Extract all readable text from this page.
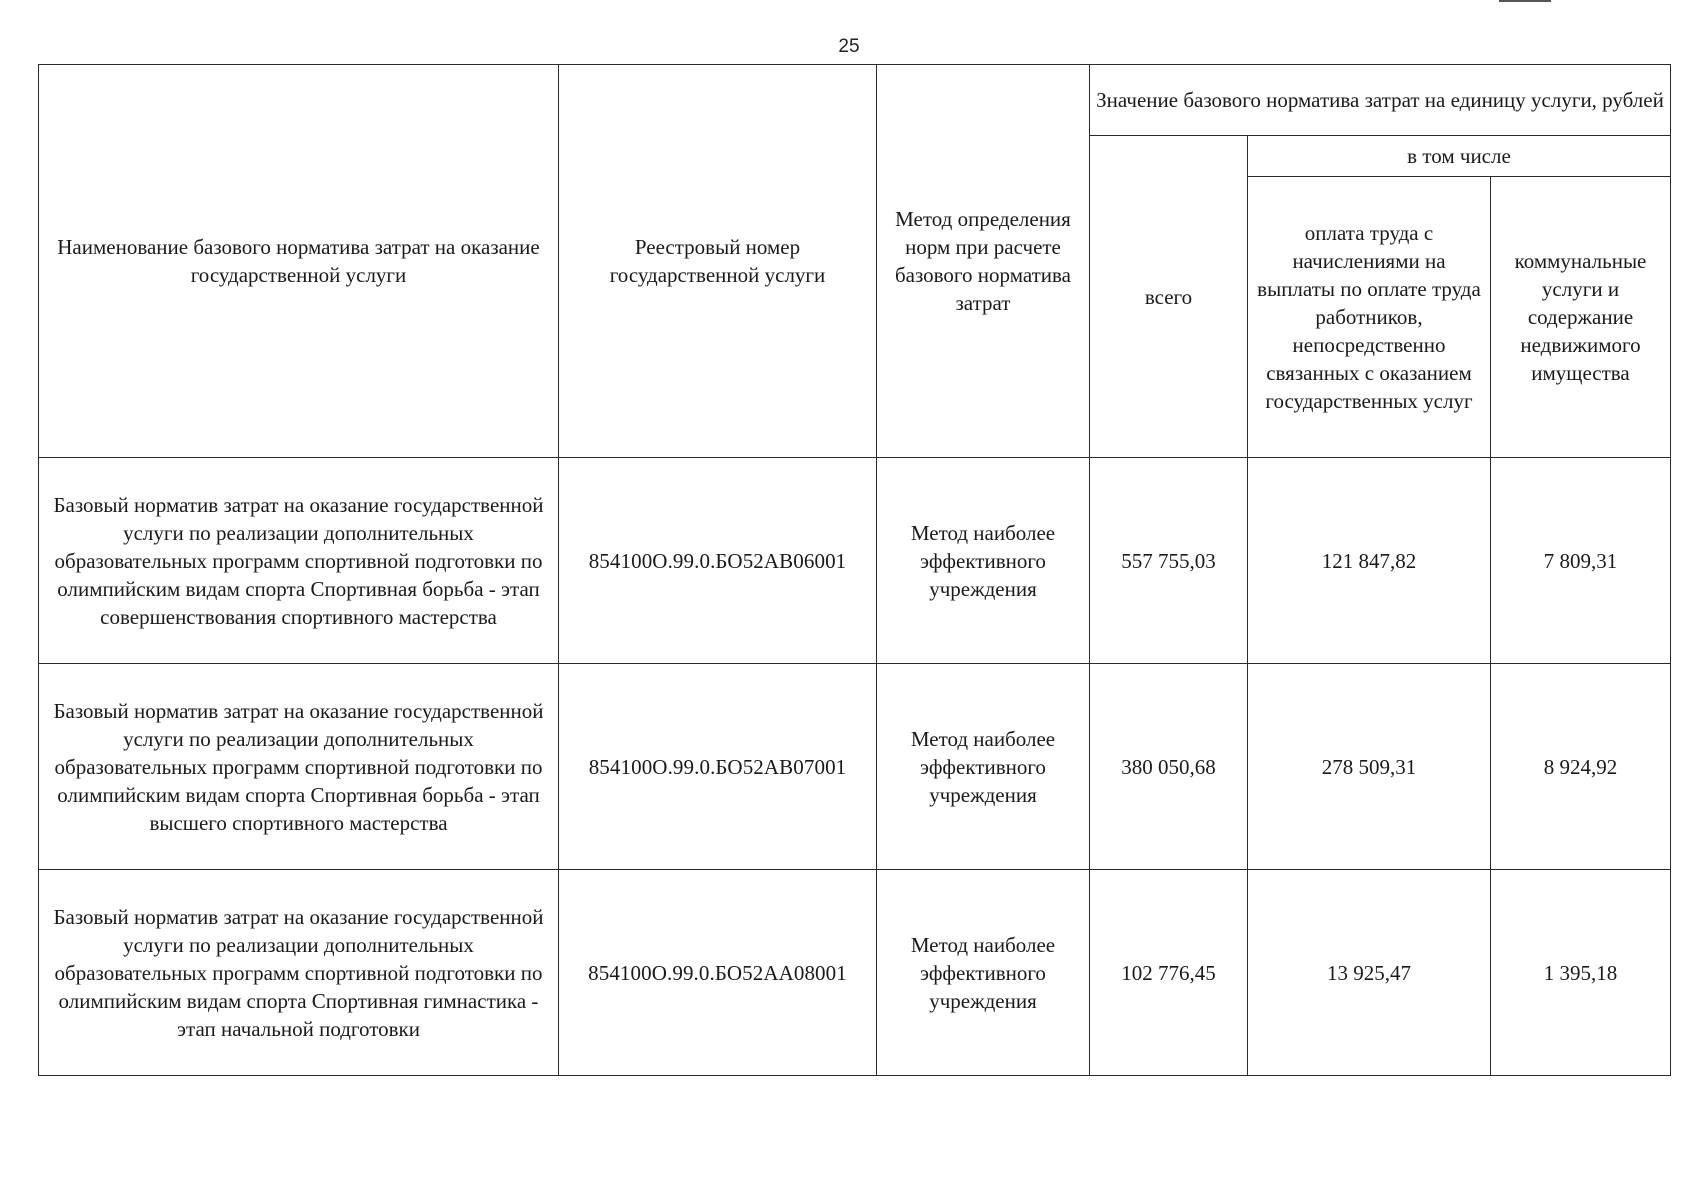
25
Наименование базового норматива затрат на оказание государственной услуги	Реестровый номер государственной услуги	Метод определения норм при расчете базового норматива затрат	Значение базового норматива затрат на единицу услуги, рублей		
			всего	в том числе	
				оплата труда с начислениями на выплаты по оплате труда работников, непосредственно связанных с оказанием государственных услуг	коммунальные услуги и содержание недвижимого имущества
Базовый норматив затрат на оказание государственной услуги по реализации дополнительных образовательных программ спортивной подготовки по олимпийским видам спорта Спортивная борьба - этап совершенствования спортивного мастерства	854100О.99.0.БО52АВ06001	Метод наиболее эффективного учреждения	557 755,03	121 847,82	7 809,31
Базовый норматив затрат на оказание государственной услуги по реализации дополнительных образовательных программ спортивной подготовки по олимпийским видам спорта Спортивная борьба - этап высшего спортивного мастерства	854100О.99.0.БО52АВ07001	Метод наиболее эффективного учреждения	380 050,68	278 509,31	8 924,92
Базовый норматив затрат на оказание государственной услуги по реализации дополнительных образовательных программ спортивной подготовки по олимпийским видам спорта Спортивная гимнастика - этап начальной подготовки	854100О.99.0.БО52АА08001	Метод наиболее эффективного учреждения	102 776,45	13 925,47	1 395,18
